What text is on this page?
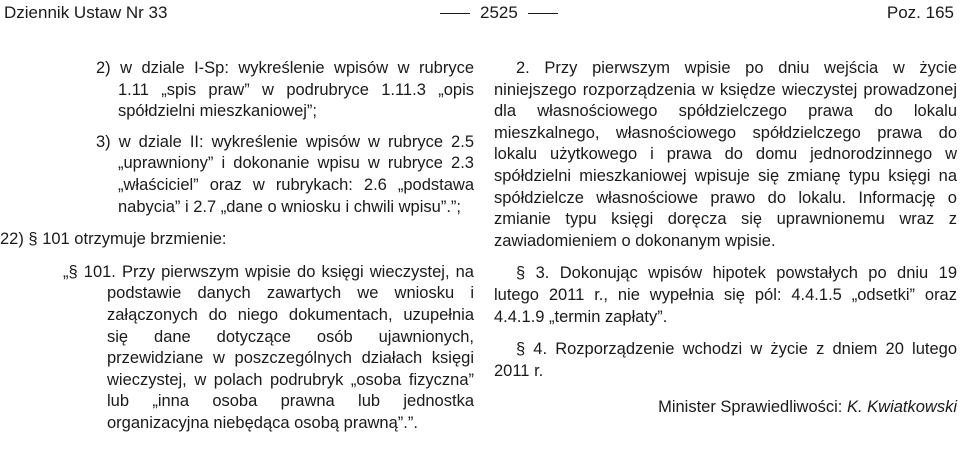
Dziennik Ustaw Nr 33	2525	Poz. 165

2) w dziale I-Sp: wykreślenie wpisów w rubryce 1.11 „spis praw” w podrubryce 1.11.3 „opis spółdzielni mieszkaniowej”;

3) w dziale II: wykreślenie wpisów w rubryce 2.5 „uprawniony” i dokonanie wpisu w rubryce 2.3 „właściciel” oraz w rubrykach: 2.6 „podstawa nabycia” i 2.7 „dane o wniosku i chwili wpisu”.”;

22) § 101 otrzymuje brzmienie:

„§ 101. Przy pierwszym wpisie do księgi wieczystej, na podstawie danych zawartych we wniosku i załączonych do niego dokumentach, uzupełnia się dane dotyczące osób ujawnionych, przewidziane w poszczególnych działach księgi wieczystej, w polach podrubryk „osoba fizyczna” lub „inna osoba prawna lub jednostka organizacyjna niebędąca osobą prawną”.”.

2. Przy pierwszym wpisie po dniu wejścia w życie niniejszego rozporządzenia w księdze wieczystej prowadzonej dla własnościowego spółdzielczego prawa do lokalu mieszkalnego, własnościowego spółdzielczego prawa do lokalu użytkowego i prawa do domu jednorodzinnego w spółdzielni mieszkaniowej wpisuje się zmianę typu księgi na spółdzielcze własnościowe prawo do lokalu. Informację o zmianie typu księgi doręcza się uprawnionemu wraz z zawiadomieniem o dokonanym wpisie.

§ 3. Dokonując wpisów hipotek powstałych po dniu 19 lutego 2011 r., nie wypełnia się pól: 4.4.1.5 „odsetki” oraz 4.4.1.9 „termin zapłaty”.

§ 4. Rozporządzenie wchodzi w życie z dniem 20 lutego 2011 r.

Minister Sprawiedliwości: K. Kwiatkowski
